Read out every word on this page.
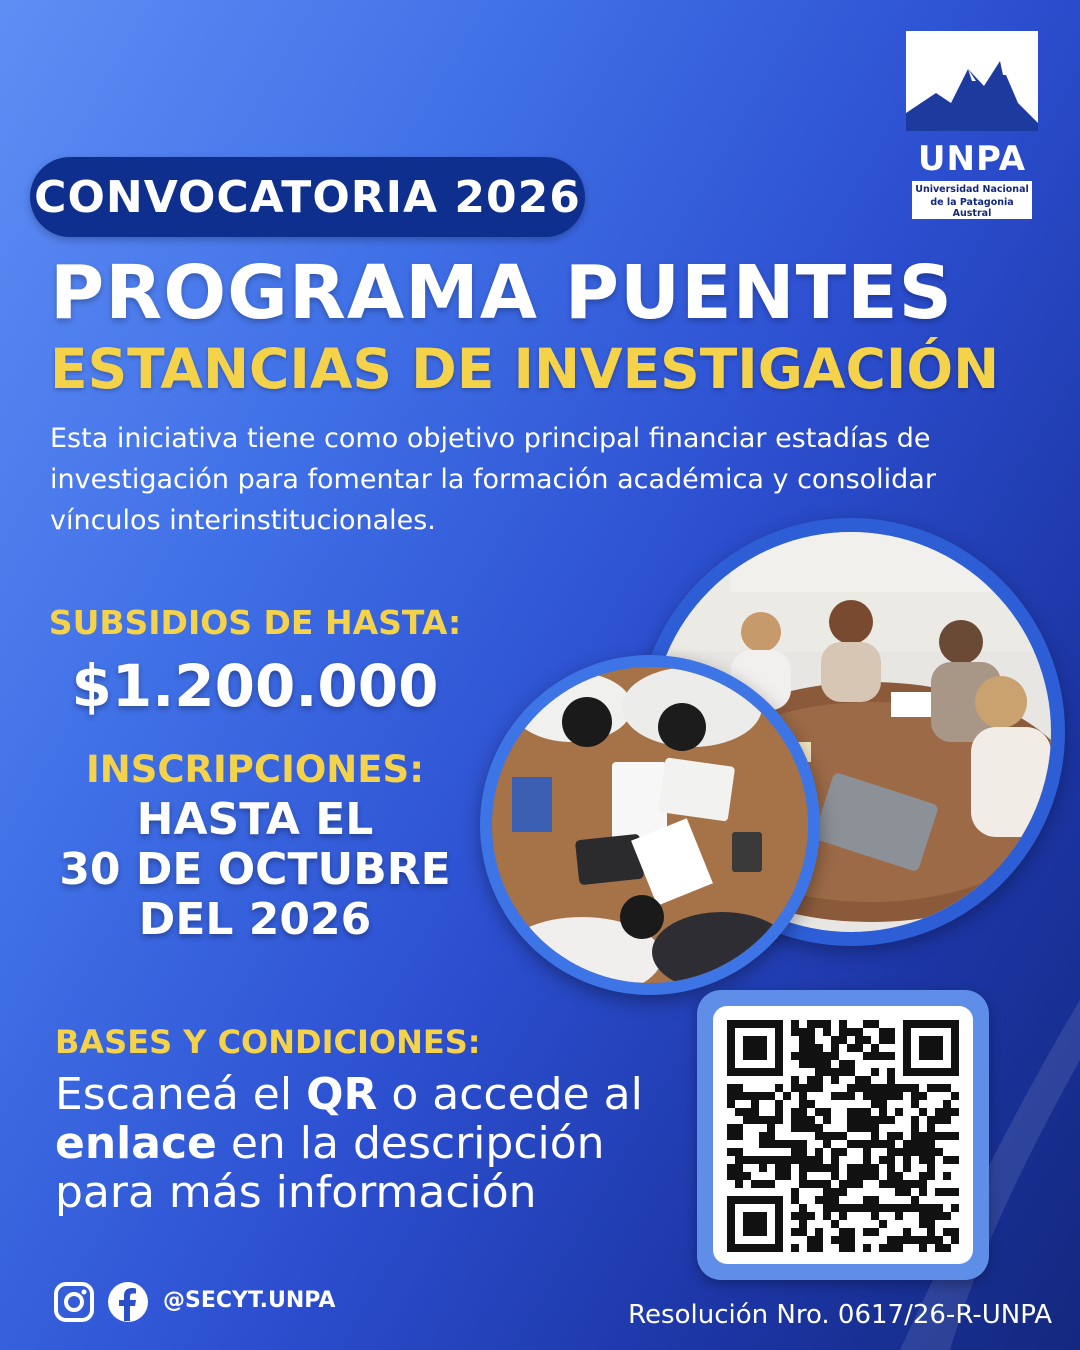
UNPA
Universidad Nacional
de la Patagonia Austral
CONVOCATORIA 2026
PROGRAMA PUENTES
ESTANCIAS DE INVESTIGACIÓN
Esta iniciativa tiene como objetivo principal financiar estadías de investigación para fomentar la formación académica y consolidar vínculos interinstitucionales.
SUBSIDIOS DE HASTA:
$1.200.000
INSCRIPCIONES:
HASTA EL
30 DE OCTUBRE
DEL 2026
BASES Y CONDICIONES:
Escaneá el QR o accede al enlace en la descripción para más información
@SECYT.UNPA	Resolución Nro. 0617/26-R-UNPA
